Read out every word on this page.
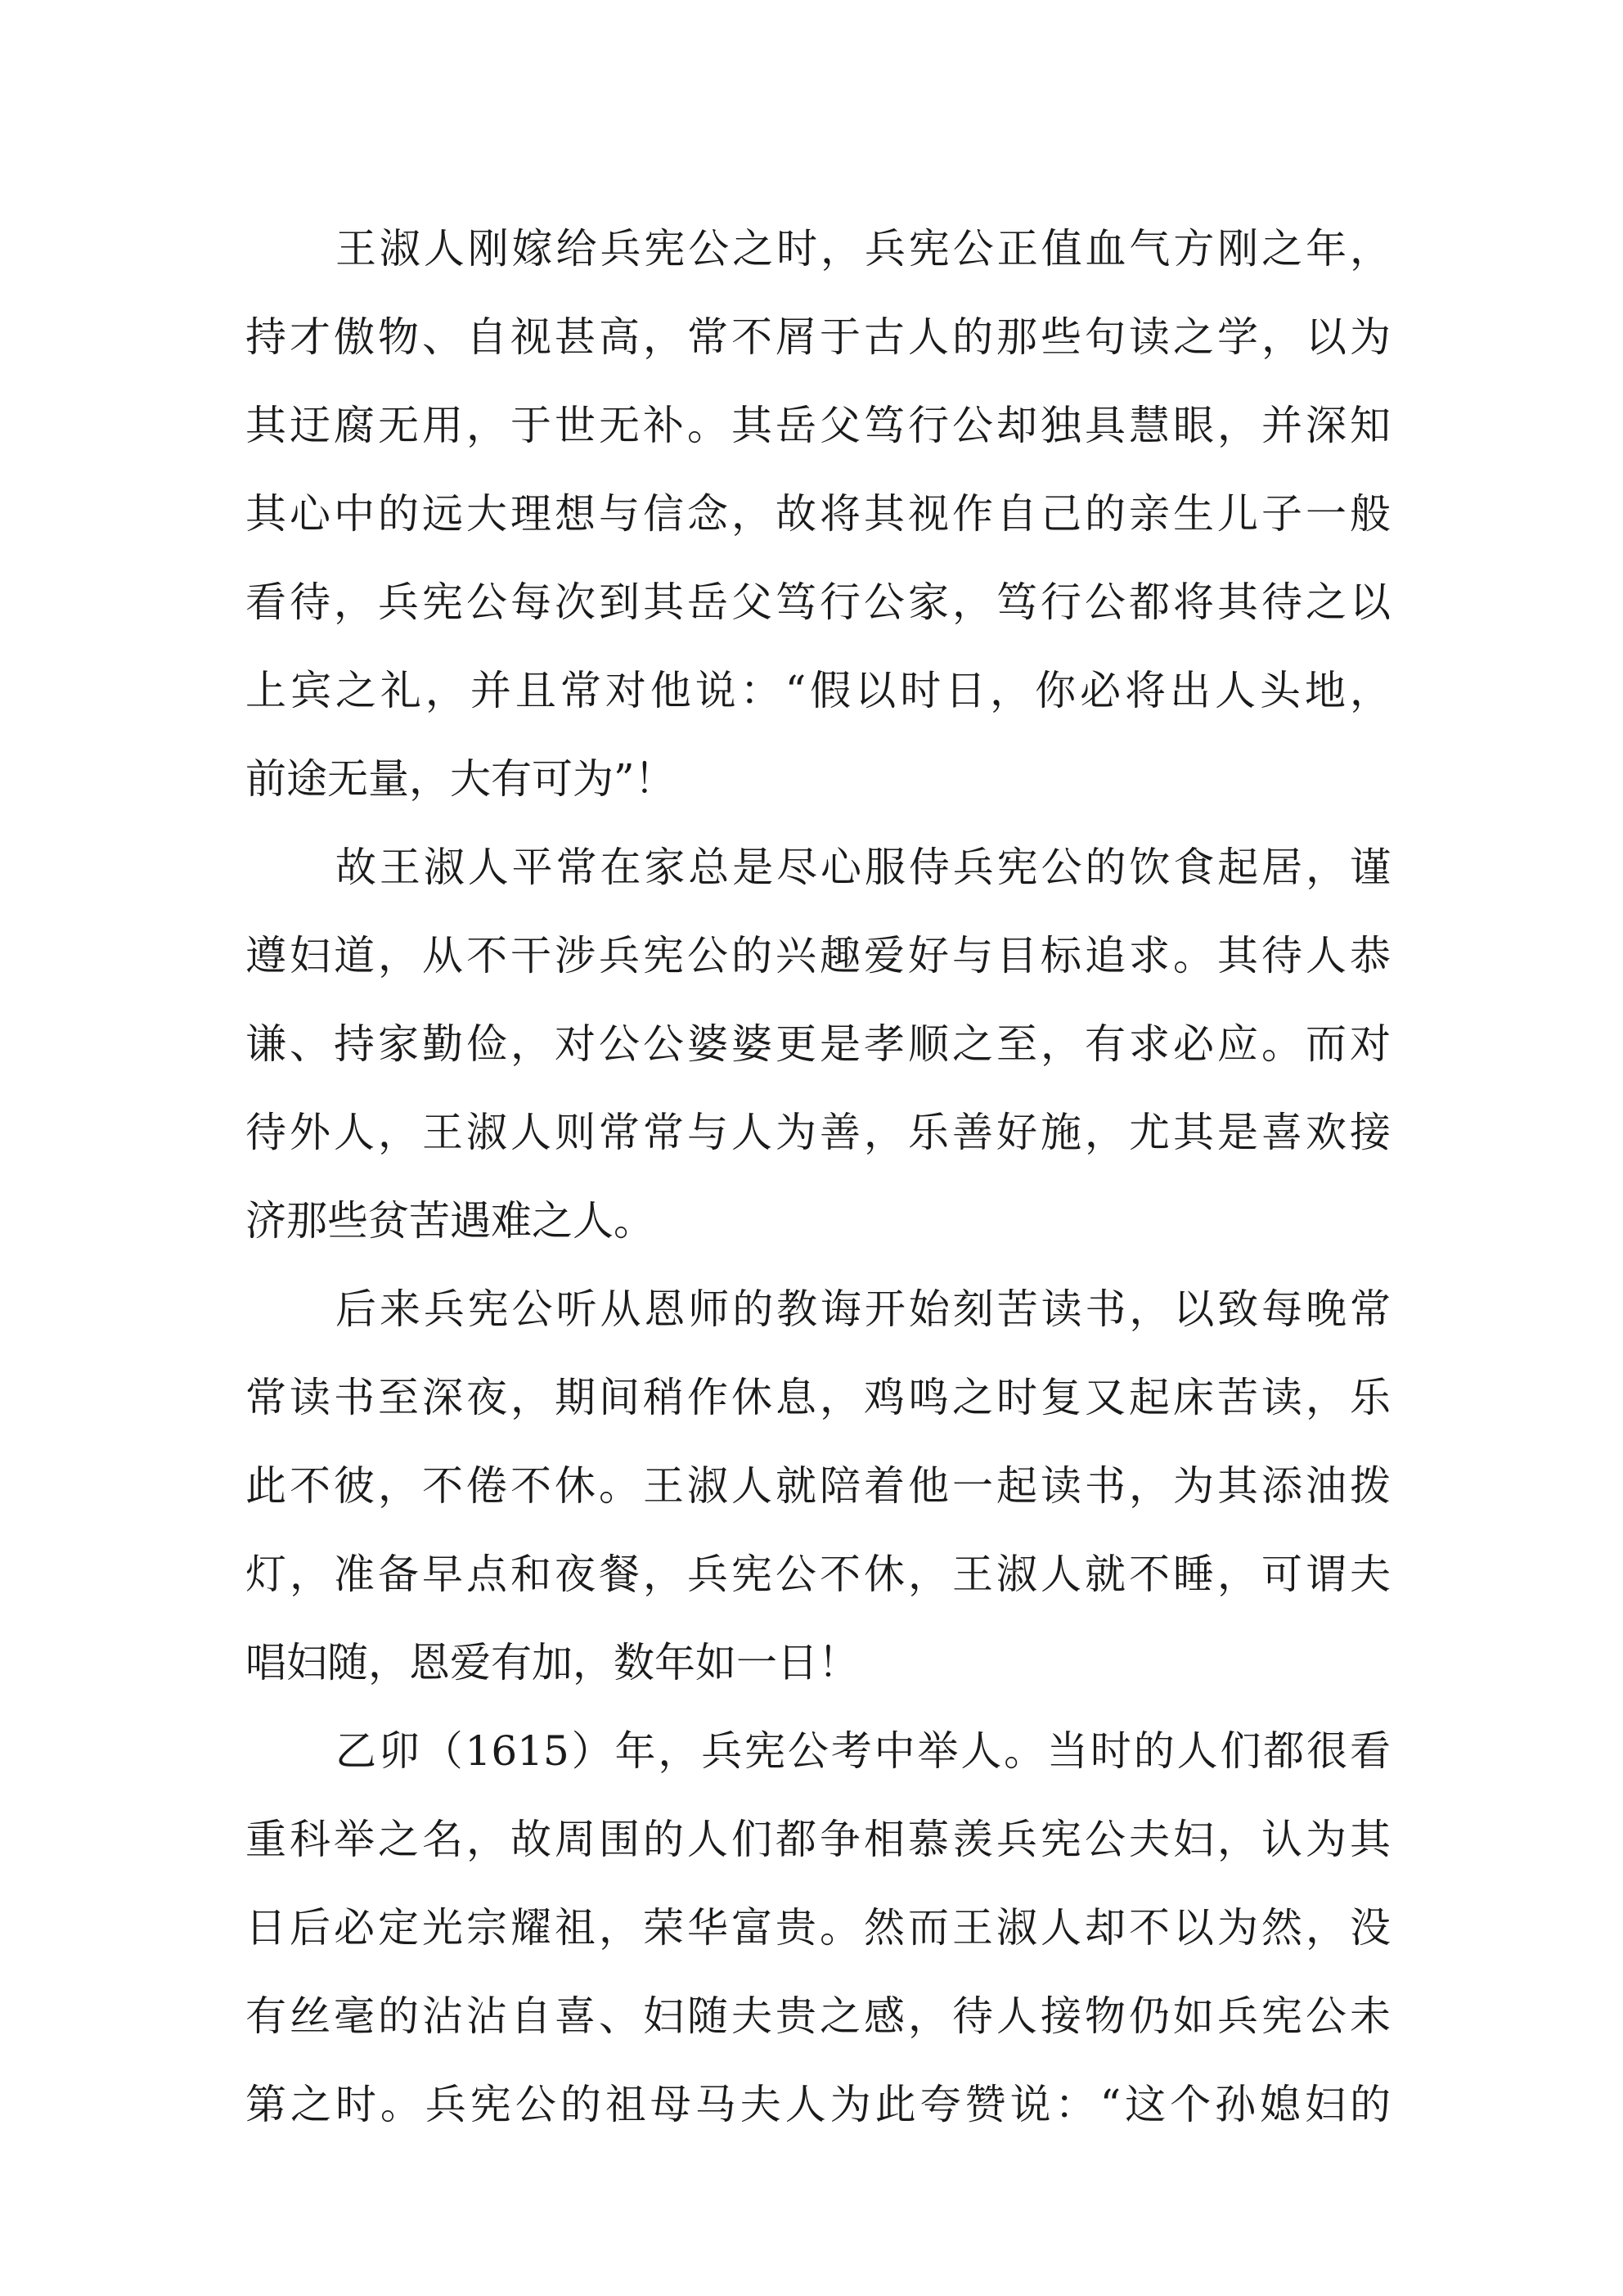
王淑人刚嫁给兵宪公之时，兵宪公正值血气方刚之年，
持才傲物、自视甚高，常不屑于古人的那些句读之学，以为
其迂腐无用，于世无补。其岳父笃行公却独具慧眼，并深知
其心中的远大理想与信念，故将其视作自己的亲生儿子一般
看待，兵宪公每次到其岳父笃行公家，笃行公都将其待之以
上宾之礼，并且常对他说：“假以时日，你必将出人头地，
前途无量，大有可为”！
故王淑人平常在家总是尽心服侍兵宪公的饮食起居，谨
遵妇道，从不干涉兵宪公的兴趣爱好与目标追求。其待人恭
谦、持家勤俭，对公公婆婆更是孝顺之至，有求必应。而对
待外人，王淑人则常常与人为善，乐善好施，尤其是喜欢接
济那些贫苦遇难之人。
后来兵宪公听从恩师的教诲开始刻苦读书，以致每晚常
常读书至深夜，期间稍作休息，鸡鸣之时复又起床苦读，乐
此不彼，不倦不休。王淑人就陪着他一起读书，为其添油拨
灯，准备早点和夜餐，兵宪公不休，王淑人就不睡，可谓夫
唱妇随，恩爱有加，数年如一日！
乙卯（1615）年，兵宪公考中举人。当时的人们都很看
重科举之名，故周围的人们都争相慕羡兵宪公夫妇，认为其
日后必定光宗耀祖，荣华富贵。然而王淑人却不以为然，没
有丝毫的沾沾自喜、妇随夫贵之感，待人接物仍如兵宪公未
第之时。兵宪公的祖母马夫人为此夸赞说：“这个孙媳妇的
